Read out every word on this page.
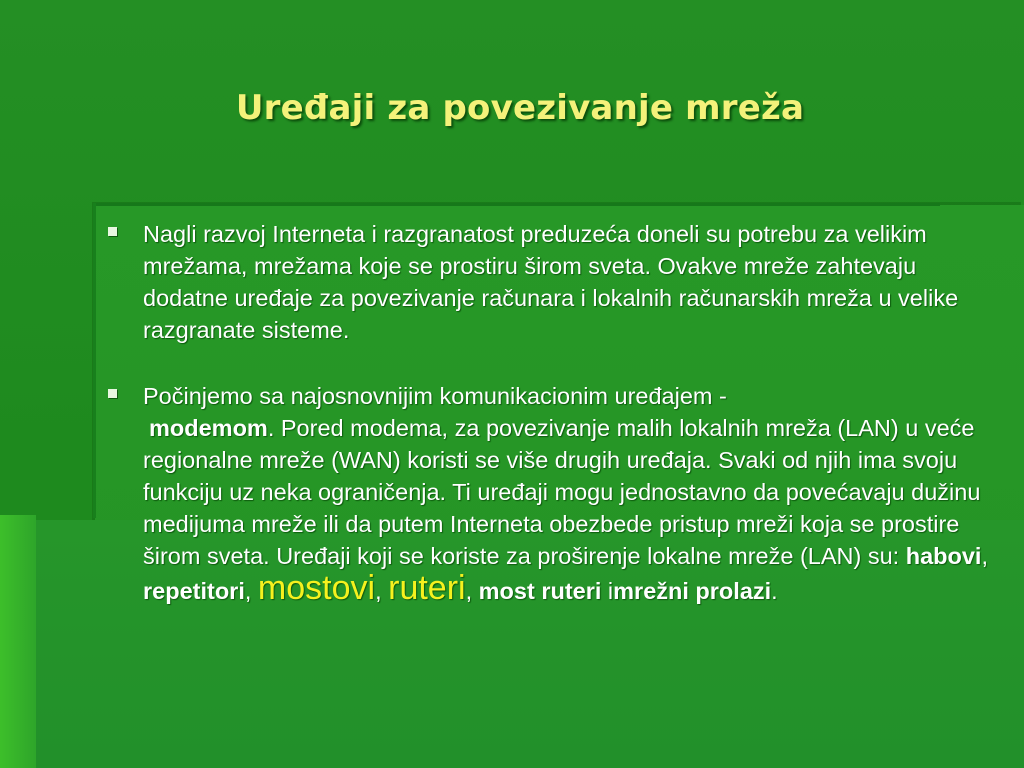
Uređaji za povezivanje mreža
Nagli razvoj Interneta i razgranatost preduzeća doneli su potrebu za velikim mrežama, mrežama koje se prostiru širom sveta. Ovakve mreže zahtevaju dodatne uređaje za povezivanje računara i lokalnih računarskih mreža u velike razgranate sisteme.
Počinjemo sa najosnovnijim komunikacionim uređajem -
modemom. Pored modema, za povezivanje malih lokalnih mreža (LAN) u veće regionalne mreže (WAN) koristi se više drugih uređaja. Svaki od njih ima svoju funkciju uz neka ograničenja. Ti uređaji mogu jednostavno da povećavaju dužinu medijuma mreže ili da putem Interneta obezbede pristup mreži koja se prostire širom sveta. Uređaji koji se koriste za proširenje lokalne mreže (LAN) su: habovi, repetitori, mostovi, ruteri, most ruteri imrežni prolazi.
